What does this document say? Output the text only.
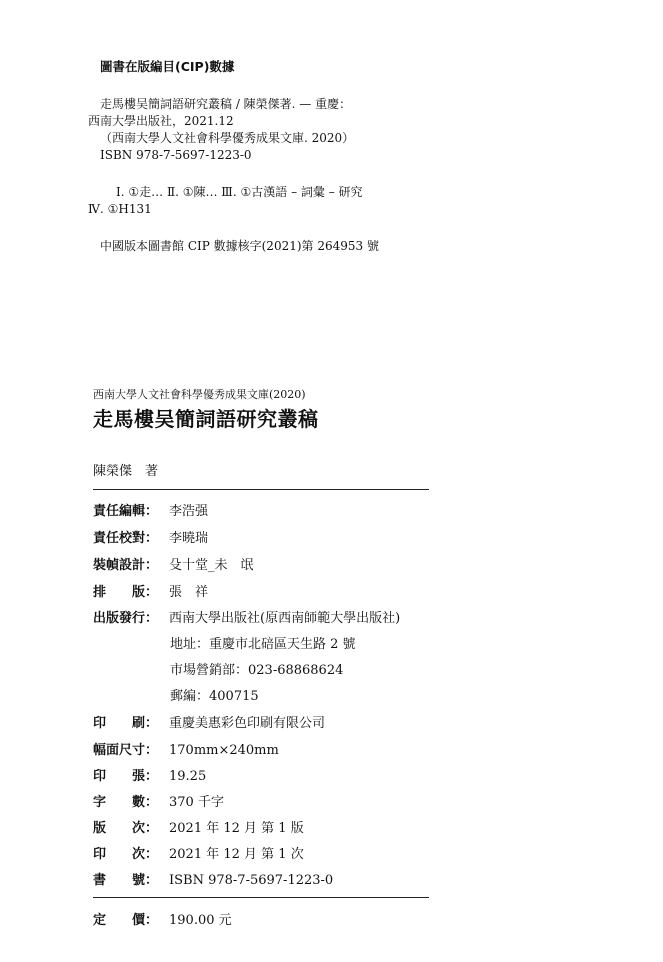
圖書在版編目(CIP)數據
走馬樓吴簡詞語研究叢稿 / 陳榮傑著. — 重慶：
西南大學出版社，2021.12
（西南大學人文社會科學優秀成果文庫. 2020）
ISBN 978-7-5697-1223-0
Ⅰ. ①走… Ⅱ. ①陳… Ⅲ. ①古漢語 – 詞彙 – 研究
Ⅳ. ①H131
中國版本圖書館 CIP 數據核字(2021)第 264953 號
西南大學人文社會科學優秀成果文庫(2020)
走馬樓吴簡詞語研究叢稿
陳榮傑　著
責任編輯： 李浩强
責任校對： 李曉瑞
裝幀設計： 殳十堂_未　氓
排　　版： 張　祥
出版發行： 西南大學出版社(原西南師範大學出版社)
地址：重慶市北碚區天生路 2 號
市場營銷部：023-68868624
郵編：400715
印　　刷： 重慶美惠彩色印刷有限公司
幅面尺寸： 170mm×240mm
印　　張： 19.25
字　　數： 370 千字
版　　次： 2021 年 12 月 第 1 版
印　　次： 2021 年 12 月 第 1 次
書　　號： ISBN 978-7-5697-1223-0
定　　價： 190.00 元
